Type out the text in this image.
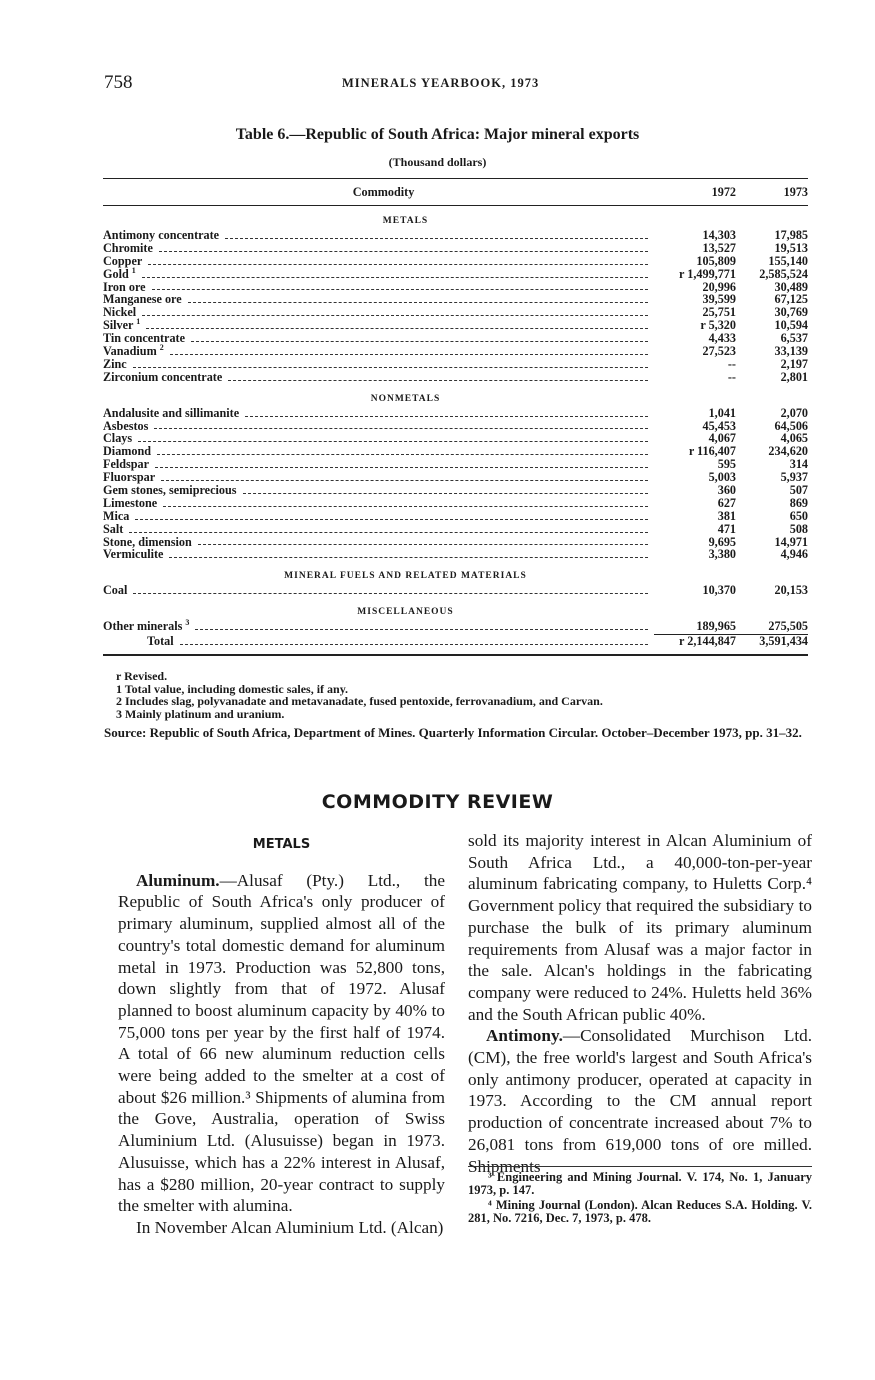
758	MINERALS YEARBOOK, 1973
Table 6.—Republic of South Africa: Major mineral exports
(Thousand dollars)
Commodity	1972	1973
METALS
Antimony concentrate	14,303	17,985
Chromite	13,527	19,513
Copper	105,809	155,140
Gold $^1$	r 1,499,771	2,585,524
Iron ore	20,996	30,489
Manganese ore	39,599	67,125
Nickel	25,751	30,769
Silver $^1$	r 5,320	10,594
Tin concentrate	4,433	6,537
Vanadium $^2$	27,523	33,139
Zinc	--	2,197
Zirconium concentrate	--	2,801
NONMETALS
Andalusite and sillimanite	1,041	2,070
Asbestos	45,453	64,506
Clays	4,067	4,065
Diamond	r 116,407	234,620
Feldspar	595	314
Fluorspar	5,003	5,937
Gem stones, semiprecious	360	507
Limestone	627	869
Mica	381	650
Salt	471	508
Stone, dimension	9,695	14,971
Vermiculite	3,380	4,946
MINERAL FUELS AND RELATED MATERIALS
Coal	10,370	20,153
MISCELLANEOUS
Other minerals $^3$	189,965	275,505
Total	r 2,144,847	3,591,434
r Revised.
1 Total value, including domestic sales, if any.
2 Includes slag, polyvanadate and metavanadate, fused pentoxide, ferrovanadium, and Carvan.
3 Mainly platinum and uranium.
Source: Republic of South Africa, Department of Mines. Quarterly Information Circular. October–December 1973, pp. 31–32.
COMMODITY REVIEW
METALS

Aluminum.—Alusaf (Pty.) Ltd., the Republic of South Africa's only producer of primary aluminum, supplied almost all of the country's total domestic demand for aluminum metal in 1973. Production was 52,800 tons, down slightly from that of 1972. Alusaf planned to boost aluminum capacity by 40% to 75,000 tons per year by the first half of 1974. A total of 66 new aluminum reduction cells were being added to the smelter at a cost of about $26 million.³ Shipments of alumina from the Gove, Australia, operation of Swiss Aluminium Ltd. (Alusuisse) began in 1973. Alusuisse, which has a 22% interest in Alusaf, has a $280 million, 20-year contract to supply the smelter with alumina.

In November Alcan Aluminium Ltd. (Alcan)

sold its majority interest in Alcan Aluminium of South Africa Ltd., a 40,000-ton-per-year aluminum fabricating company, to Huletts Corp.⁴ Government policy that required the subsidiary to purchase the bulk of its primary aluminum requirements from Alusaf was a major factor in the sale. Alcan's holdings in the fabricating company were reduced to 24%. Huletts held 36% and the South African public 40%.

Antimony.—Consolidated Murchison Ltd. (CM), the free world's largest and South Africa's only antimony producer, operated at capacity in 1973. According to the CM annual report production of concentrate increased about 7% to 26,081 tons from 619,000 tons of ore milled. Shipments

³ Engineering and Mining Journal. V. 174, No. 1, January 1973, p. 147.

⁴ Mining Journal (London). Alcan Reduces S.A. Holding. V. 281, No. 7216, Dec. 7, 1973, p. 478.
